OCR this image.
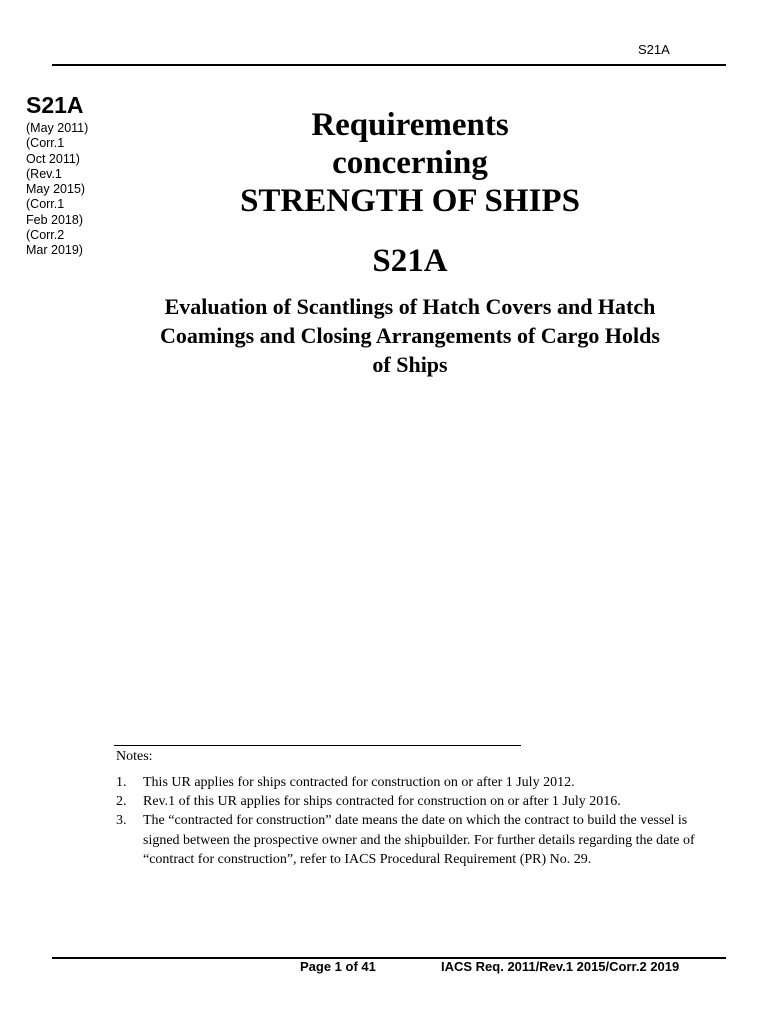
S21A
S21A
(May 2011)
(Corr.1
Oct 2011)
(Rev.1
May 2015)
(Corr.1
Feb 2018)
(Corr.2
Mar 2019)
Requirements
concerning
STRENGTH OF SHIPS
S21A
Evaluation of Scantlings of Hatch Covers and Hatch
Coamings and Closing Arrangements of Cargo Holds
of Ships
Notes:
1.	This UR applies for ships contracted for construction on or after 1 July 2012.
2.	Rev.1 of this UR applies for ships contracted for construction on or after 1 July 2016.
3.	The “contracted for construction” date means the date on which the contract to build the vessel is signed between the prospective owner and the shipbuilder. For further details regarding the date of “contract for construction”, refer to IACS Procedural Requirement (PR) No. 29.
Page 1 of 41	IACS Req. 2011/Rev.1 2015/Corr.2 2019
